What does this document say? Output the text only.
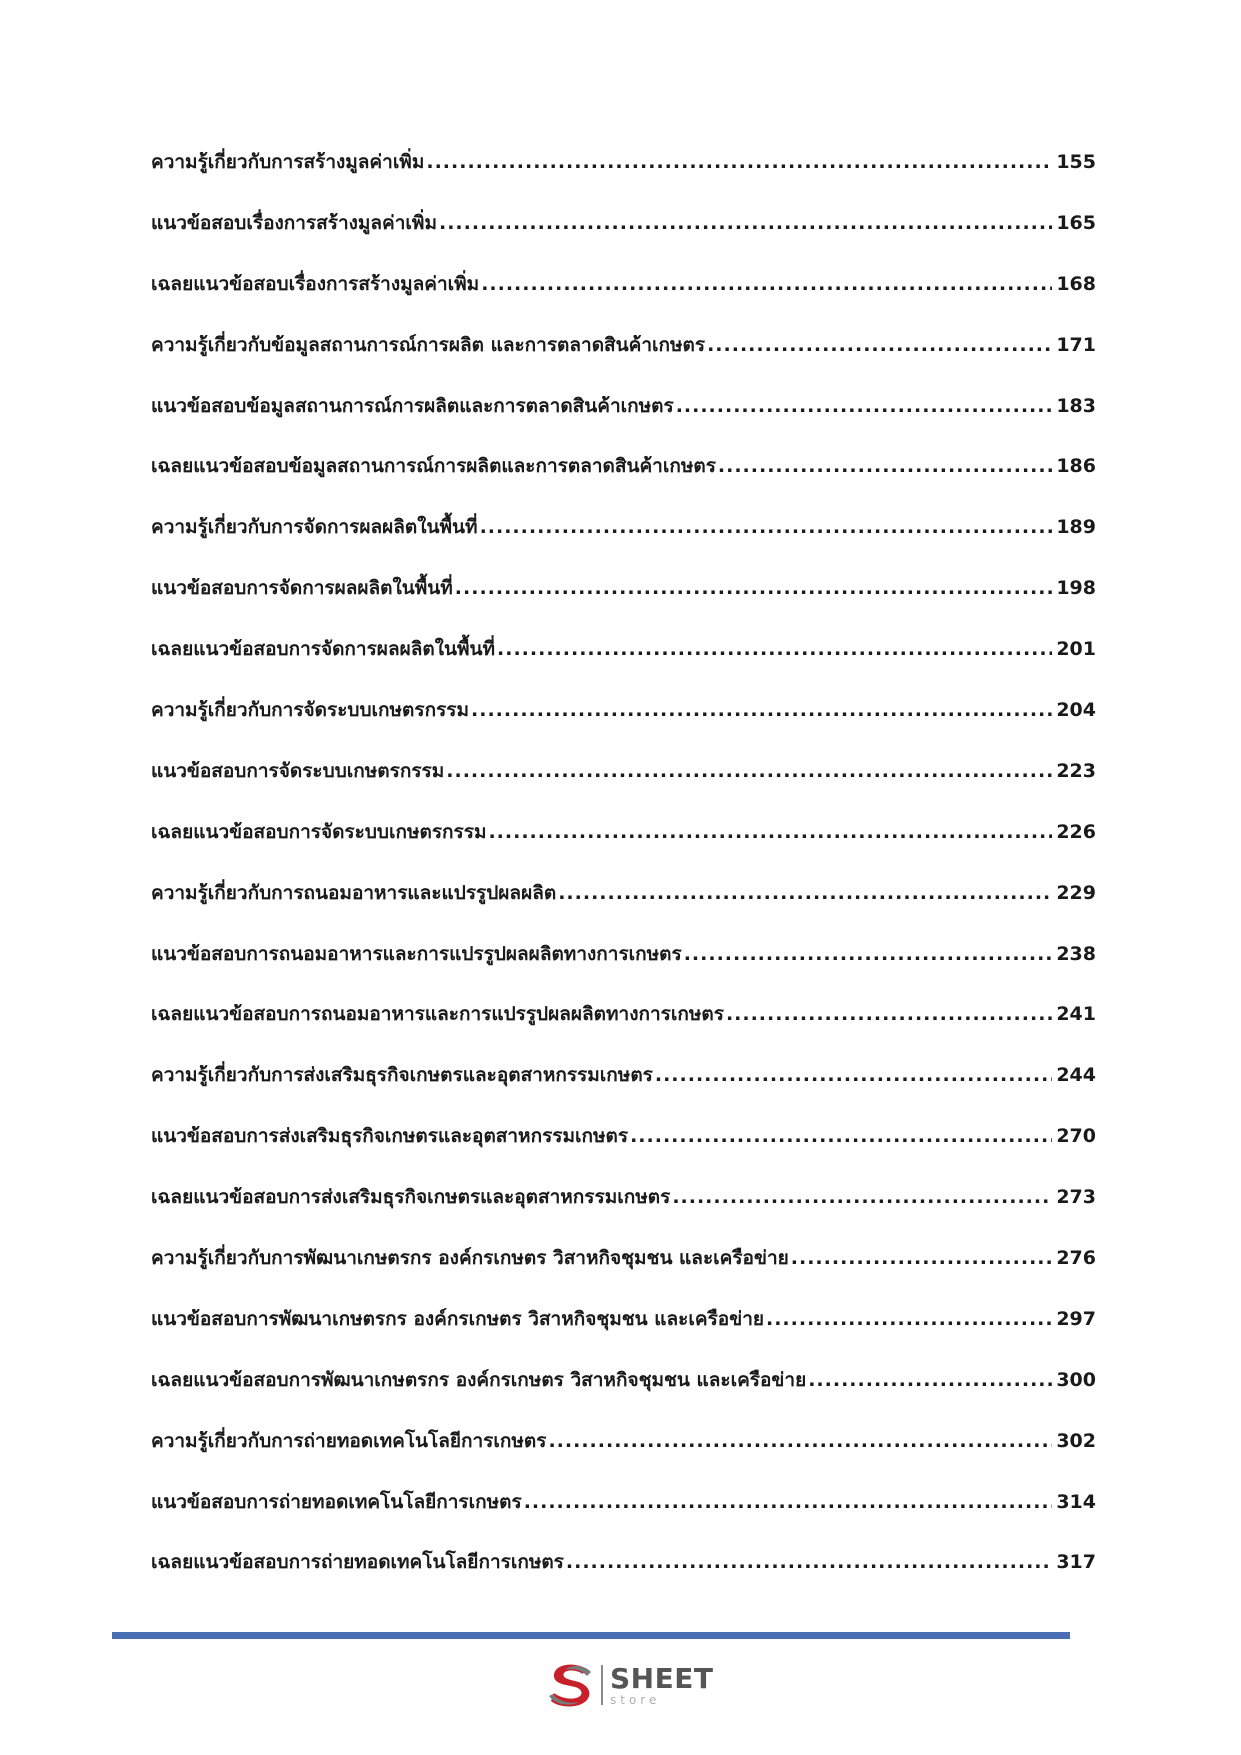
ความรู้เกี่ยวกับการสร้างมูลค่าเพิ่ม .....	155
แนวข้อสอบเรื่องการสร้างมูลค่าเพิ่ม .....	165
เฉลยแนวข้อสอบเรื่องการสร้างมูลค่าเพิ่ม .....	168
ความรู้เกี่ยวกับข้อมูลสถานการณ์การผลิต และการตลาดสินค้าเกษตร .....	171
แนวข้อสอบข้อมูลสถานการณ์การผลิตและการตลาดสินค้าเกษตร .....	183
เฉลยแนวข้อสอบข้อมูลสถานการณ์การผลิตและการตลาดสินค้าเกษตร .....	186
ความรู้เกี่ยวกับการจัดการผลผลิตในพื้นที่ .....	189
แนวข้อสอบการจัดการผลผลิตในพื้นที่ .....	198
เฉลยแนวข้อสอบการจัดการผลผลิตในพื้นที่ .....	201
ความรู้เกี่ยวกับการจัดระบบเกษตรกรรม .....	204
แนวข้อสอบการจัดระบบเกษตรกรรม .....	223
เฉลยแนวข้อสอบการจัดระบบเกษตรกรรม .....	226
ความรู้เกี่ยวกับการถนอมอาหารและแปรรูปผลผลิต .....	229
แนวข้อสอบการถนอมอาหารและการแปรรูปผลผลิตทางการเกษตร .....	238
เฉลยแนวข้อสอบการถนอมอาหารและการแปรรูปผลผลิตทางการเกษตร .....	241
ความรู้เกี่ยวกับการส่งเสริมธุรกิจเกษตรและอุตสาหกรรมเกษตร .....	244
แนวข้อสอบการส่งเสริมธุรกิจเกษตรและอุตสาหกรรมเกษตร .....	270
เฉลยแนวข้อสอบการส่งเสริมธุรกิจเกษตรและอุตสาหกรรมเกษตร .....	273
ความรู้เกี่ยวกับการพัฒนาเกษตรกร องค์กรเกษตร วิสาหกิจชุมชน และเครือข่าย .....	276
แนวข้อสอบการพัฒนาเกษตรกร องค์กรเกษตร วิสาหกิจชุมชน และเครือข่าย .....	297
เฉลยแนวข้อสอบการพัฒนาเกษตรกร องค์กรเกษตร วิสาหกิจชุมชน และเครือข่าย .....	300
ความรู้เกี่ยวกับการถ่ายทอดเทคโนโลยีการเกษตร .....	302
แนวข้อสอบการถ่ายทอดเทคโนโลยีการเกษตร .....	314
เฉลยแนวข้อสอบการถ่ายทอดเทคโนโลยีการเกษตร .....	317
SHEET
store
